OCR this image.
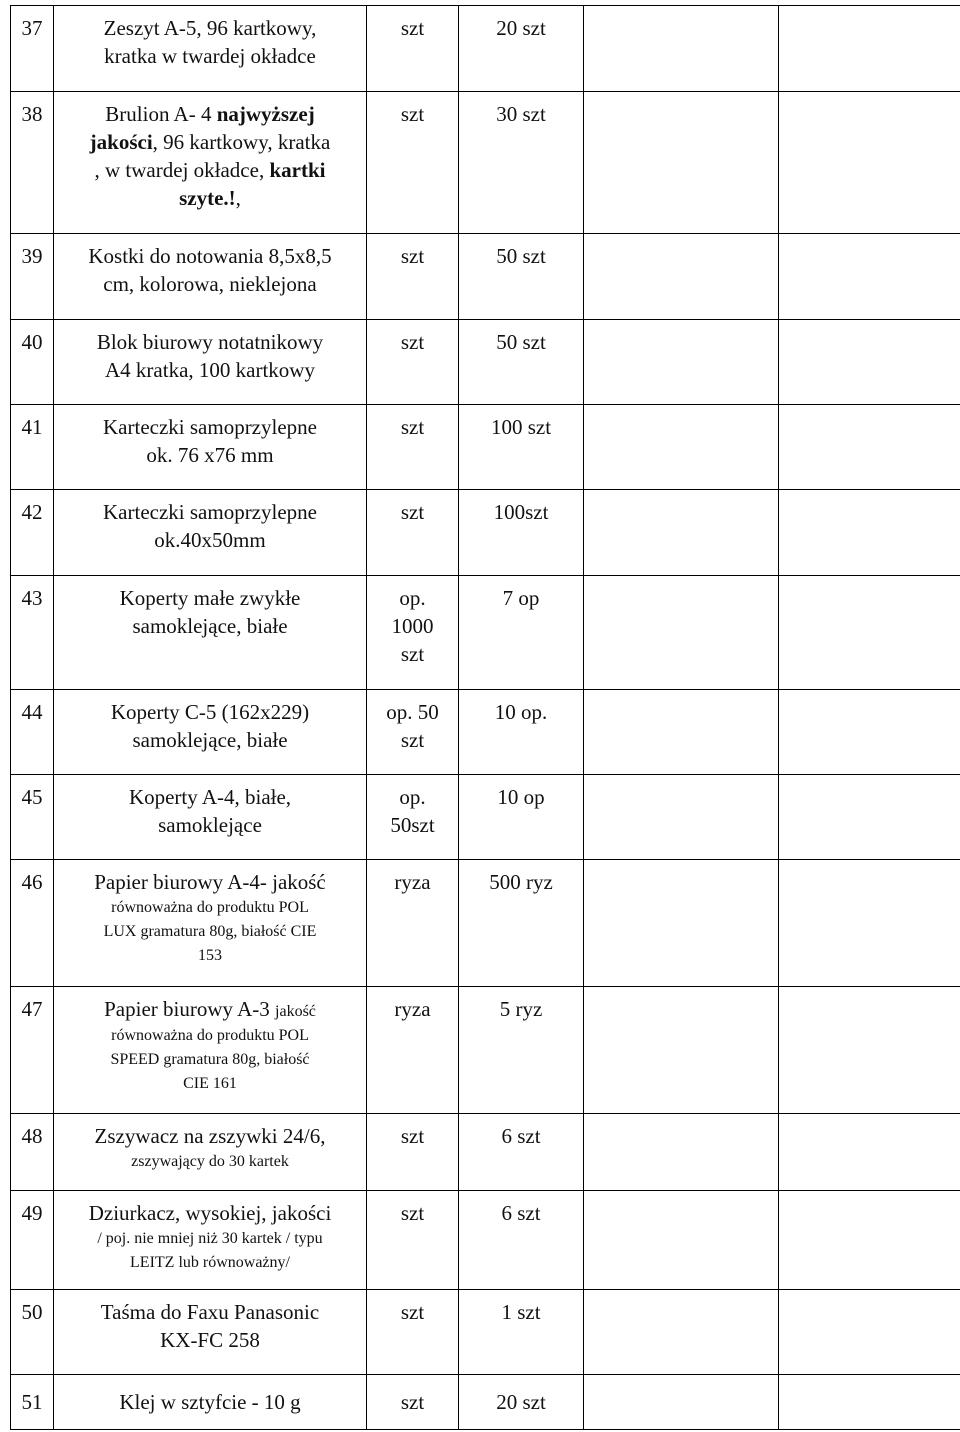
37	Zeszyt A-5, 96 kartkowy,
kratka w twardej okładce	szt	20 szt		
38	Brulion A- 4 najwyższej
jakości, 96 kartkowy, kratka
, w twardej okładce, kartki
szyte.!,	szt	30 szt		
39	Kostki do notowania 8,5x8,5
cm, kolorowa, nieklejona	szt	50 szt		
40	Blok biurowy notatnikowy
A4 kratka, 100 kartkowy	szt	50 szt		
41	Karteczki samoprzylepne
ok. 76 x76 mm	szt	100 szt		
42	Karteczki samoprzylepne
ok.40x50mm	szt	100szt		
43	Koperty małe zwykłe
samoklejące, białe	op.
1000
szt	7 op		
44	Koperty C-5 (162x229)
samoklejące, białe	op. 50
szt	10 op.		
45	Koperty A-4, białe,
samoklejące	op.
50szt	10 op		
46	Papier biurowy A-4- jakość
równoważna do produktu POL
LUX gramatura 80g, białość CIE
153	ryza	500 ryz		
47	Papier biurowy A-3 jakość
równoważna do produktu POL
SPEED gramatura 80g, białość
CIE 161	ryza	5 ryz		
48	Zszywacz na zszywki 24/6,
zszywający do 30 kartek	szt	6 szt		
49	Dziurkacz, wysokiej, jakości
/ poj. nie mniej niż 30 kartek / typu
LEITZ lub równoważny/	szt	6 szt		
50	Taśma do Faxu Panasonic
KX-FC 258	szt	1 szt		
51	Klej w sztyfcie - 10 g	szt	20 szt		
